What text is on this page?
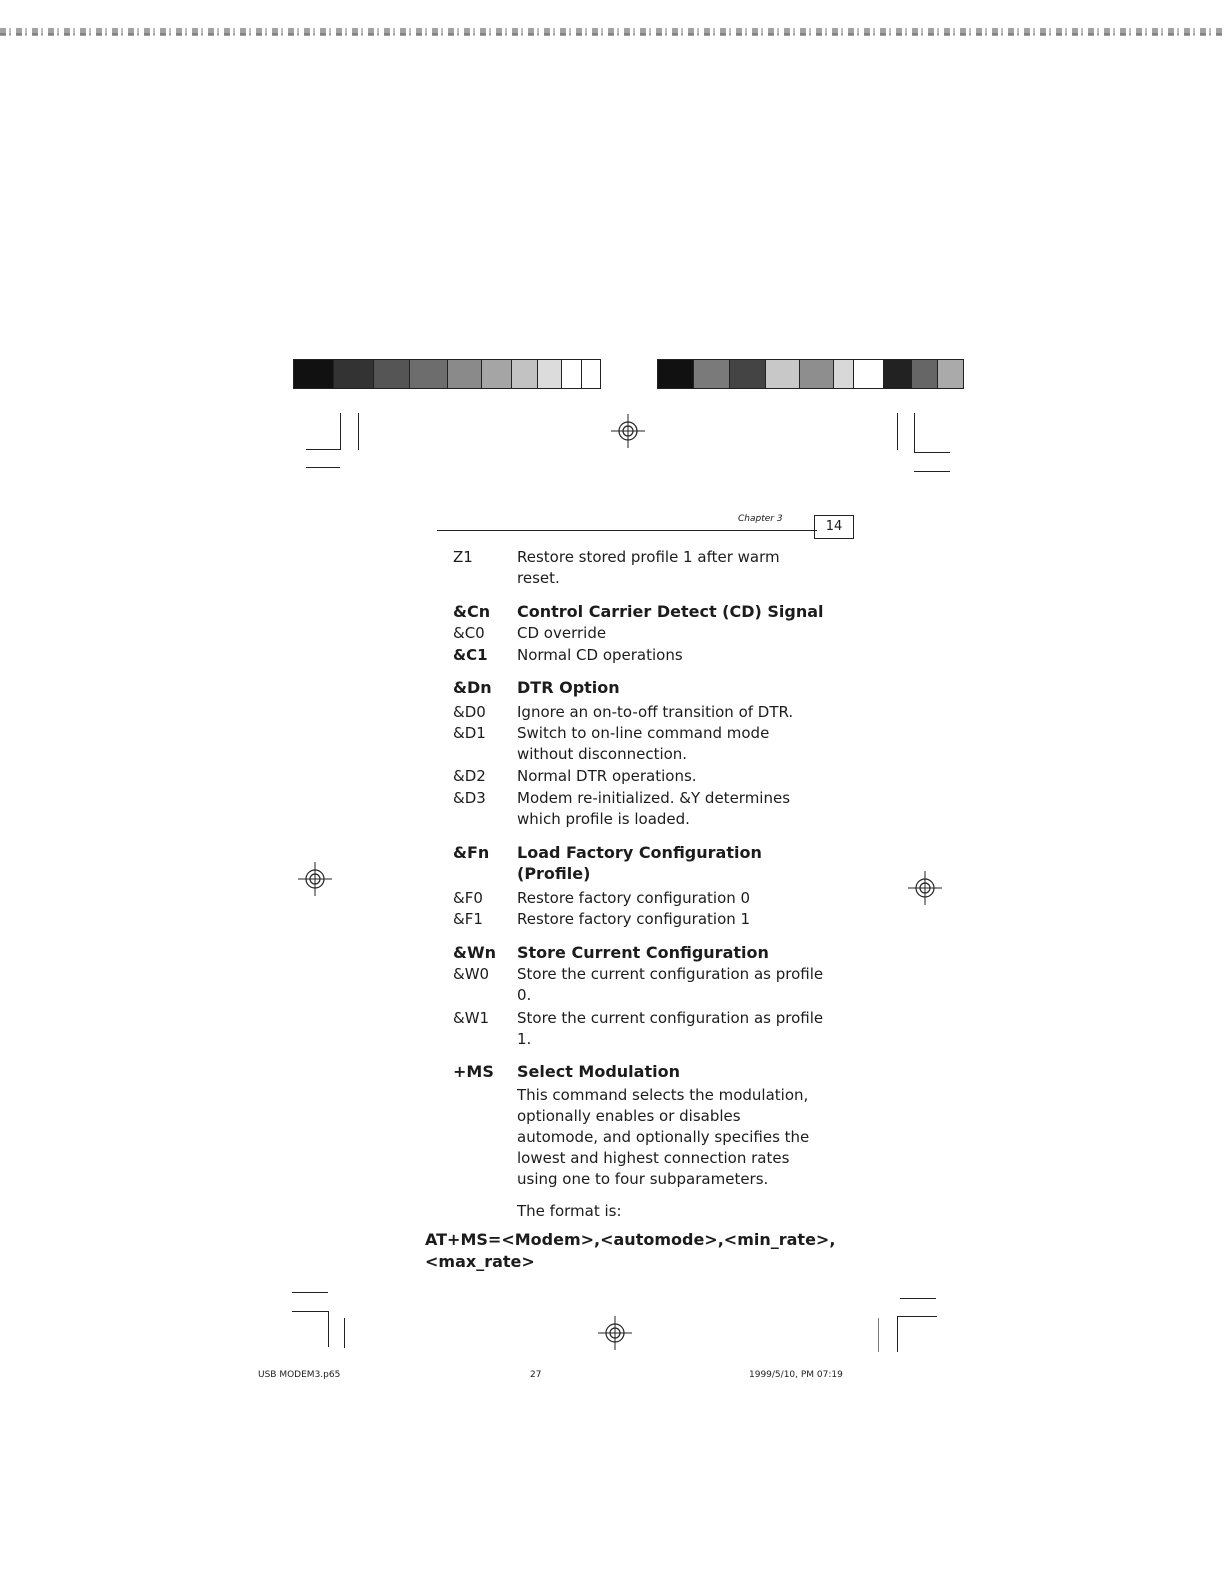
Chapter 3	14
Z1	Restore stored profile 1 after warm reset.
&Cn	Control Carrier Detect (CD) Signal
&C0	CD override
&C1	Normal CD operations
&Dn	DTR Option
&D0	Ignore an on-to-off transition of DTR.
&D1	Switch to on-line command mode without disconnection.
&D2	Normal DTR operations.
&D3	Modem re-initialized. &Y determines which profile is loaded.
&Fn	Load Factory Configuration (Profile)
&F0	Restore factory configuration 0
&F1	Restore factory configuration 1
&Wn	Store Current Configuration
&W0	Store the current configuration as profile 0.
&W1	Store the current configuration as profile 1.
+MS	Select Modulation
This command selects the modulation, optionally enables or disables automode, and optionally specifies the lowest and highest connection rates using one to four subparameters.
The format is:
AT+MS=<Modem>,<automode>,<min_rate>, <max_rate>
USB MODEM3.p65	27	1999/5/10, PM 07:19
